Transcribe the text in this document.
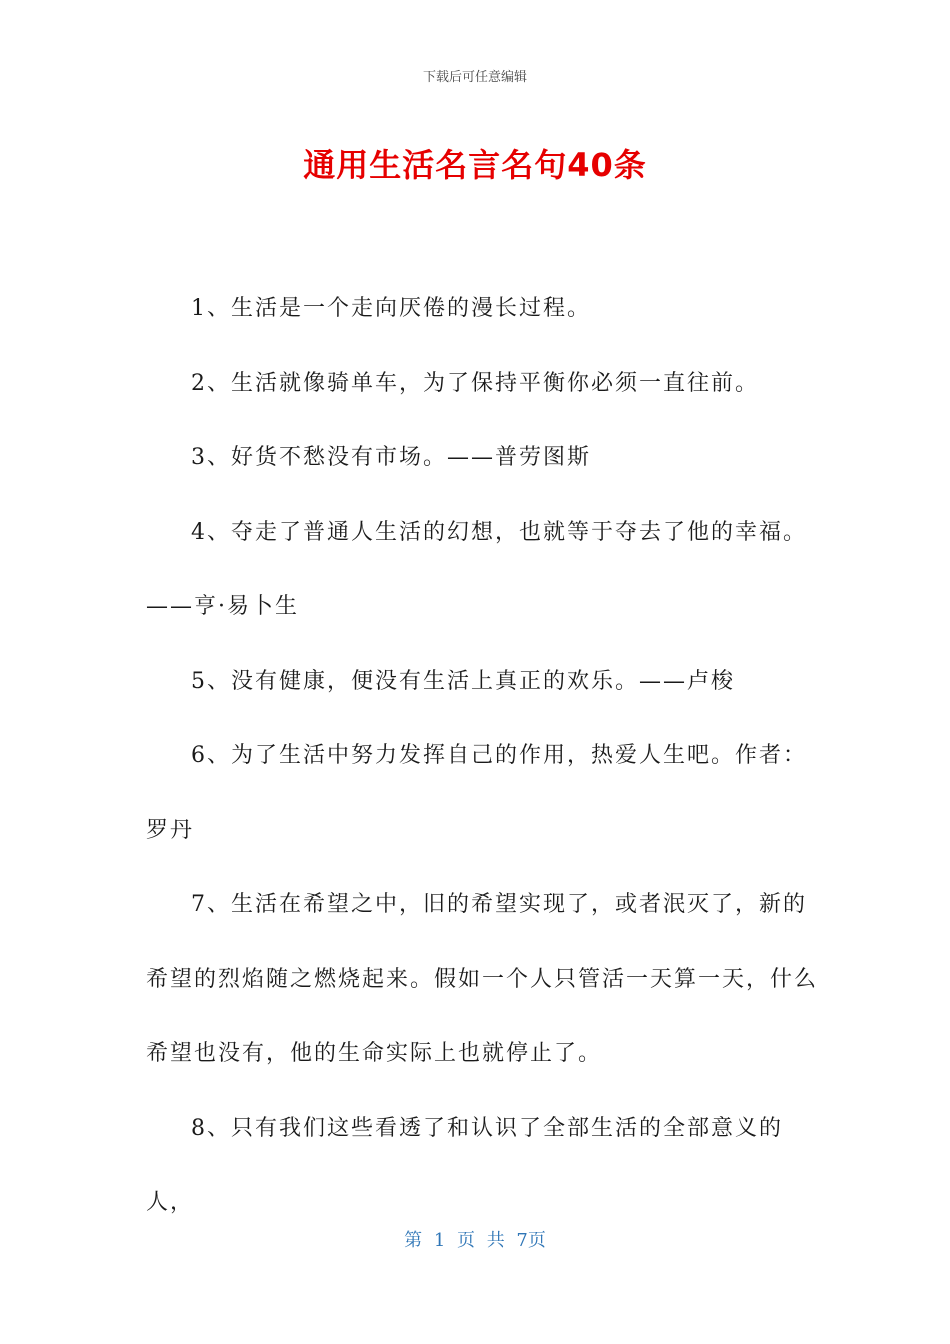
下载后可任意编辑
通用生活名言名句40条

1、生活是一个走向厌倦的漫长过程。

2、生活就像骑单车，为了保持平衡你必须一直往前。

3、好货不愁没有市场。——普劳图斯

4、夺走了普通人生活的幻想，也就等于夺去了他的幸福。——亨·易卜生

5、没有健康，便没有生活上真正的欢乐。——卢梭

6、为了生活中努力发挥自己的作用，热爱人生吧。作者：罗丹

7、生活在希望之中，旧的希望实现了，或者泯灭了，新的希望的烈焰随之燃烧起来。假如一个人只管活一天算一天，什么希望也没有，他的生命实际上也就停止了。

8、只有我们这些看透了和认识了全部生活的全部意义的人，

第 1 页 共 7页
